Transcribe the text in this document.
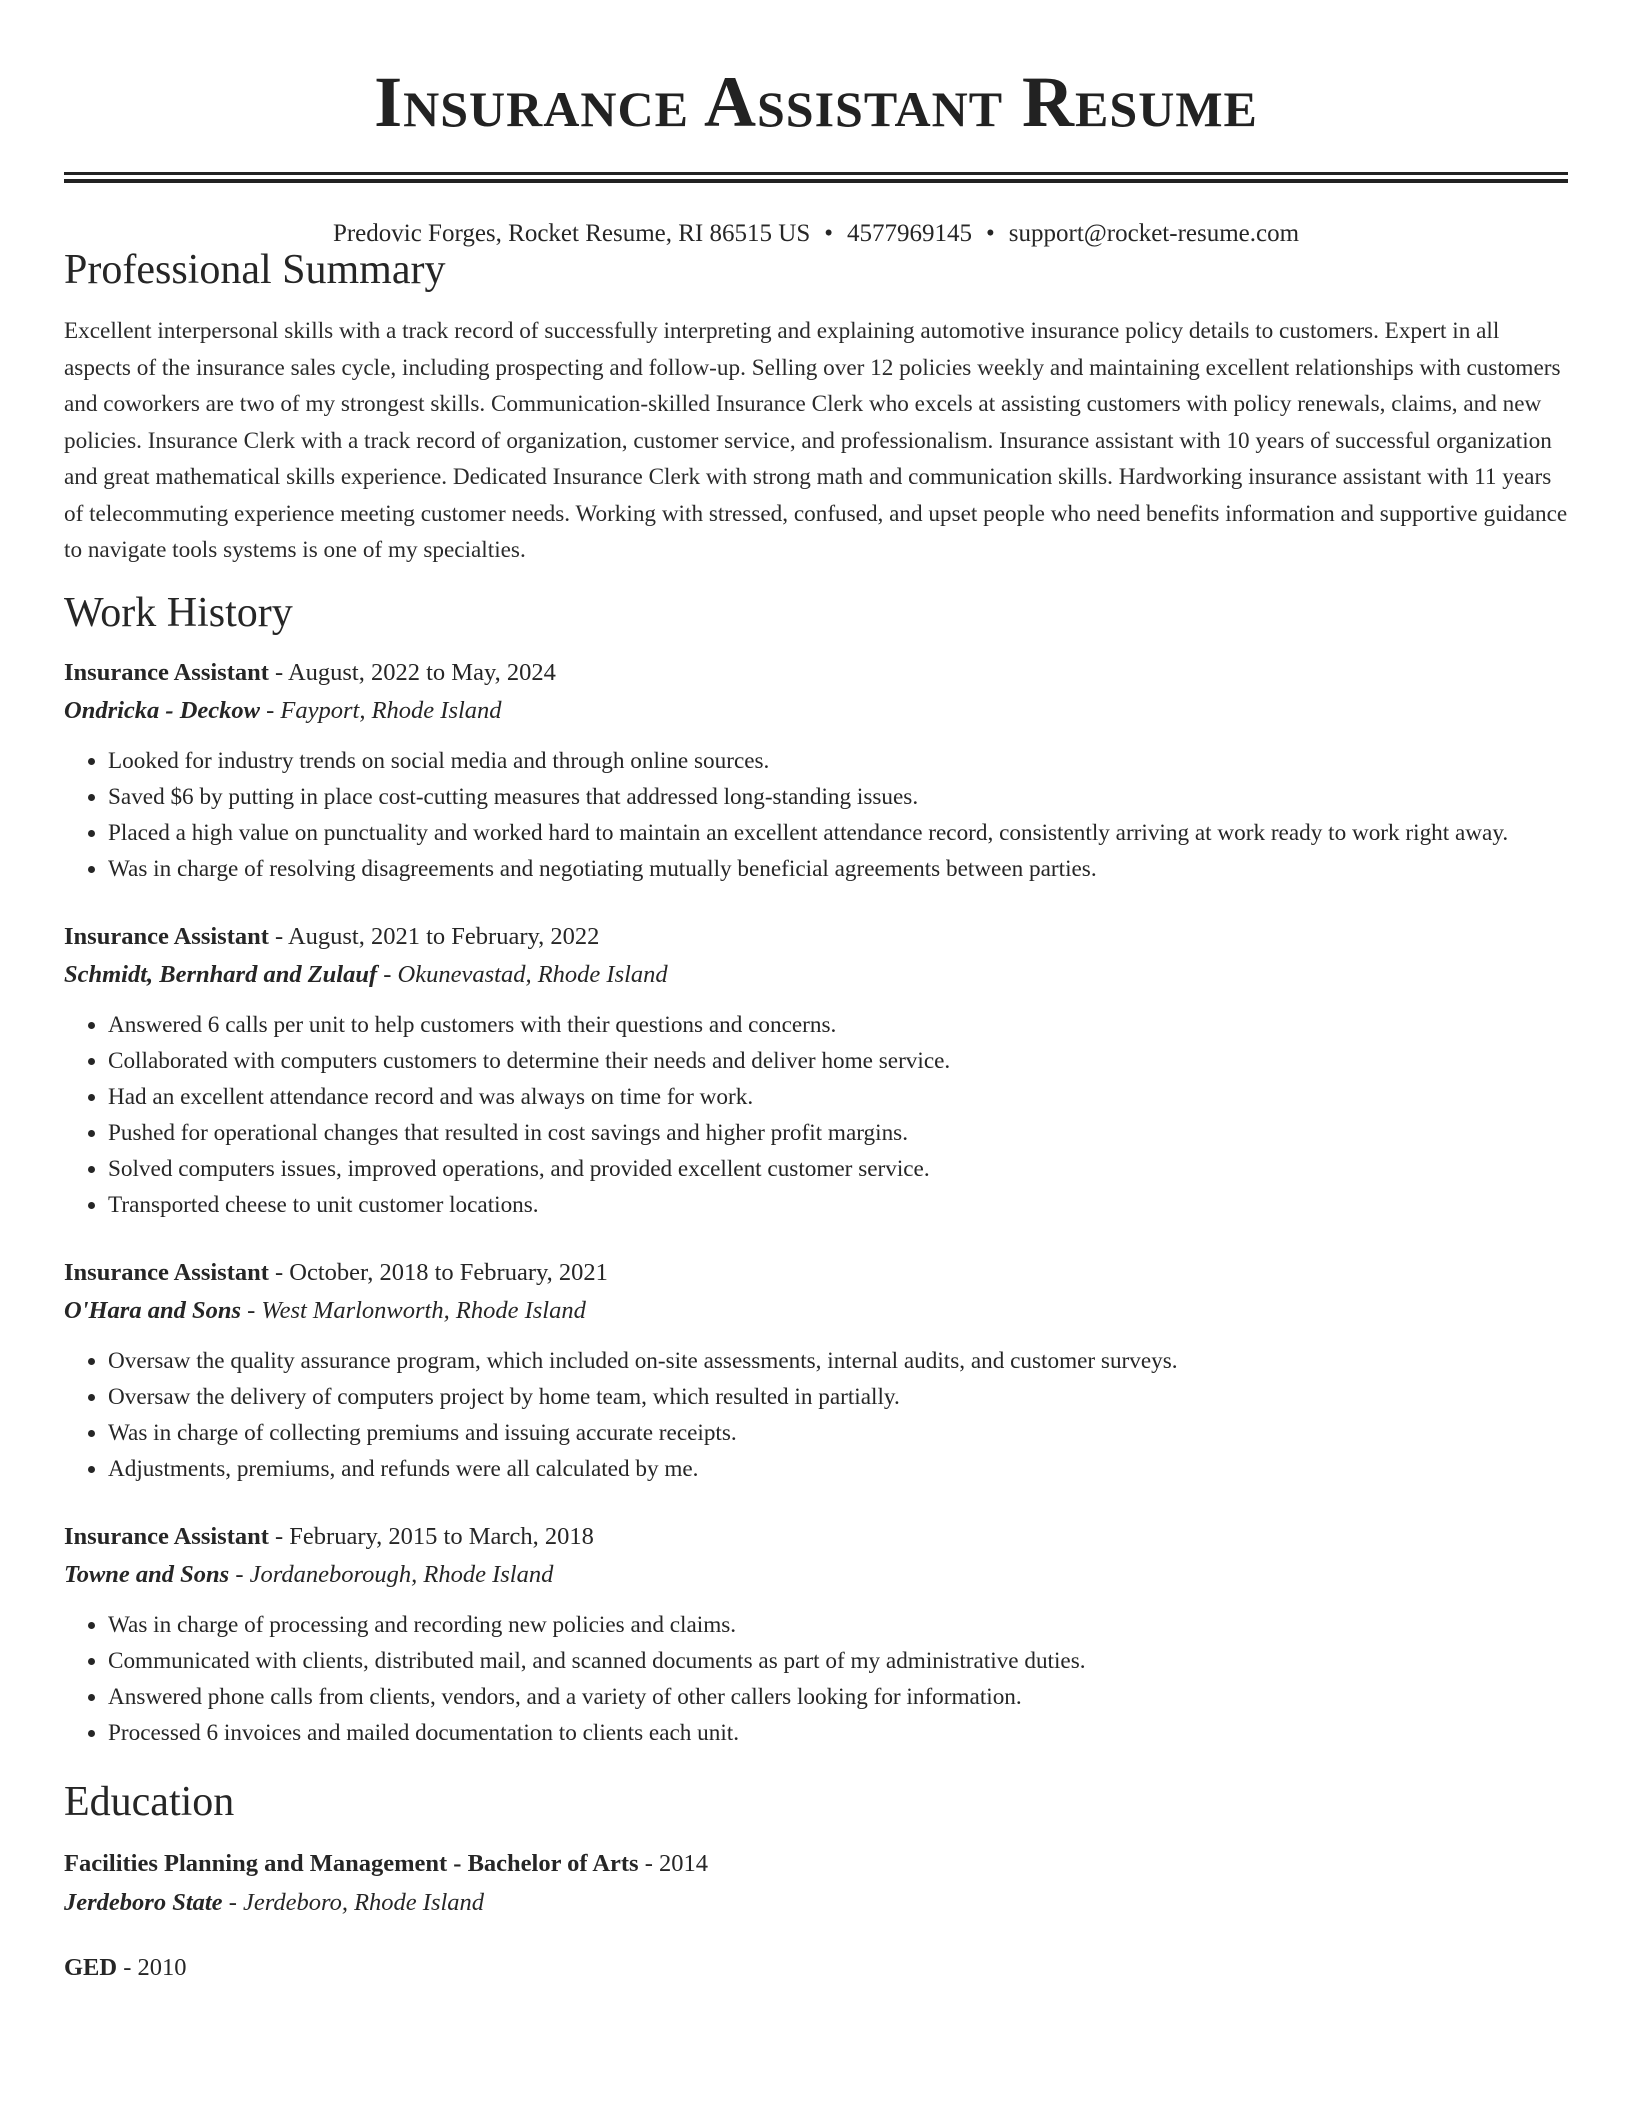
Insurance Assistant Resume
Predovic Forges, Rocket Resume, RI 86515 US • 4577969145 • support@rocket-resume.com
Professional Summary

Excellent interpersonal skills with a track record of successfully interpreting and explaining automotive insurance policy details to customers. Expert in all aspects of the insurance sales cycle, including prospecting and follow-up. Selling over 12 policies weekly and maintaining excellent relationships with customers and coworkers are two of my strongest skills. Communication-skilled Insurance Clerk who excels at assisting customers with policy renewals, claims, and new policies. Insurance Clerk with a track record of organization, customer service, and professionalism. Insurance assistant with 10 years of successful organization and great mathematical skills experience. Dedicated Insurance Clerk with strong math and communication skills. Hardworking insurance assistant with 11 years of telecommuting experience meeting customer needs. Working with stressed, confused, and upset people who need benefits information and supportive guidance to navigate tools systems is one of my specialties.

Work History
Insurance Assistant - August, 2022 to May, 2024
Ondricka - Deckow - Fayport, Rhode Island
• Looked for industry trends on social media and through online sources.
• Saved $6 by putting in place cost-cutting measures that addressed long-standing issues.
• Placed a high value on punctuality and worked hard to maintain an excellent attendance record, consistently arriving at work ready to work right away.
• Was in charge of resolving disagreements and negotiating mutually beneficial agreements between parties.
Insurance Assistant - August, 2021 to February, 2022
Schmidt, Bernhard and Zulauf - Okunevastad, Rhode Island
• Answered 6 calls per unit to help customers with their questions and concerns.
• Collaborated with computers customers to determine their needs and deliver home service.
• Had an excellent attendance record and was always on time for work.
• Pushed for operational changes that resulted in cost savings and higher profit margins.
• Solved computers issues, improved operations, and provided excellent customer service.
• Transported cheese to unit customer locations.
Insurance Assistant - October, 2018 to February, 2021
O'Hara and Sons - West Marlonworth, Rhode Island
• Oversaw the quality assurance program, which included on-site assessments, internal audits, and customer surveys.
• Oversaw the delivery of computers project by home team, which resulted in partially.
• Was in charge of collecting premiums and issuing accurate receipts.
• Adjustments, premiums, and refunds were all calculated by me.
Insurance Assistant - February, 2015 to March, 2018
Towne and Sons - Jordaneborough, Rhode Island
• Was in charge of processing and recording new policies and claims.
• Communicated with clients, distributed mail, and scanned documents as part of my administrative duties.
• Answered phone calls from clients, vendors, and a variety of other callers looking for information.
• Processed 6 invoices and mailed documentation to clients each unit.
Education
Facilities Planning and Management - Bachelor of Arts - 2014
Jerdeboro State - Jerdeboro, Rhode Island
GED - 2010
